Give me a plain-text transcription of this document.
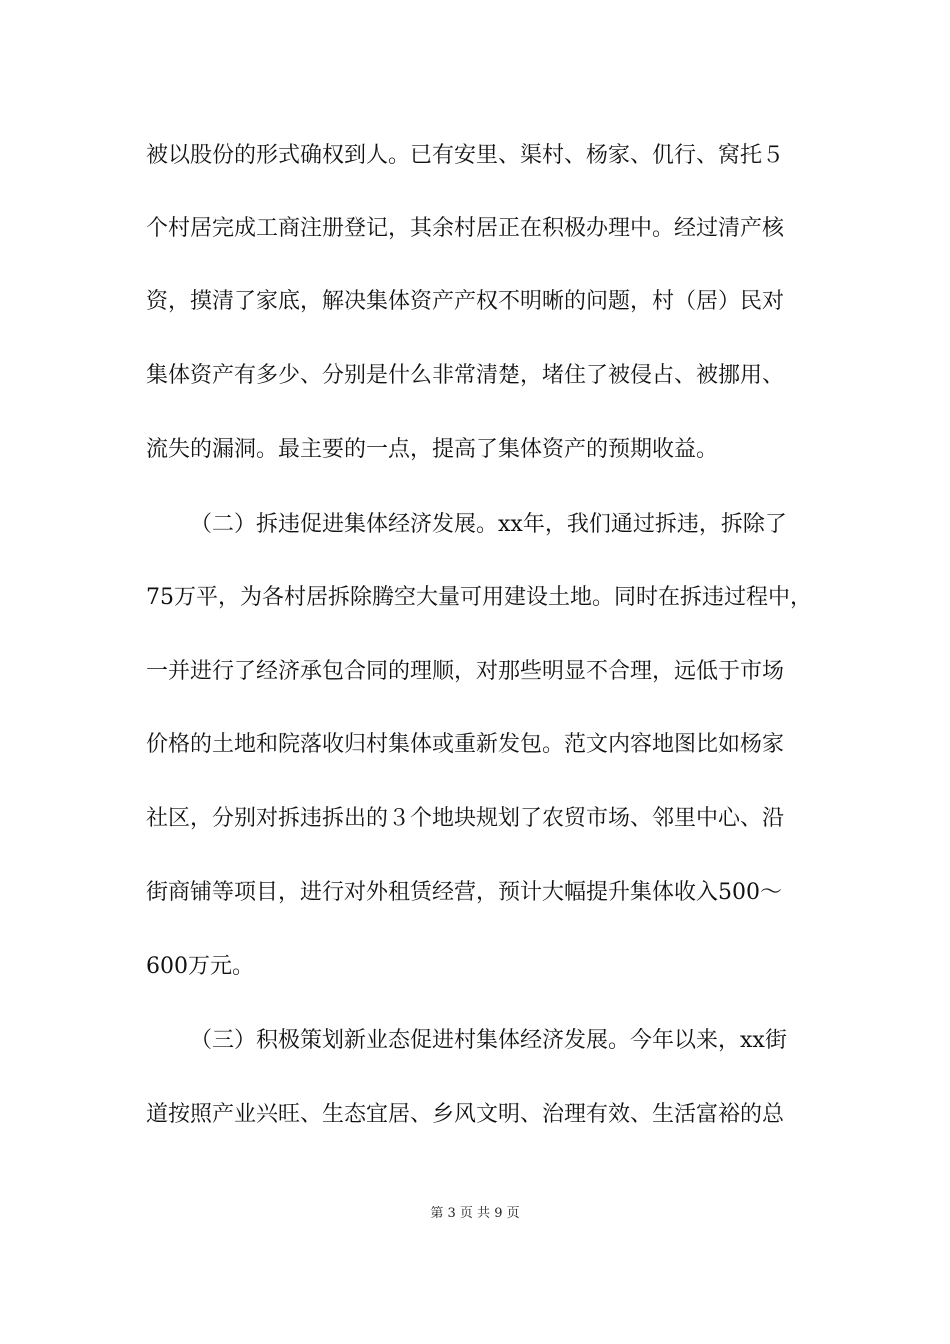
被以股份的形式确权到人。已有安里、渠村、杨家、仉行、窝托５
个村居完成工商注册登记，其余村居正在积极办理中。经过清产核
资，摸清了家底，解决集体资产产权不明晰的问题，村（居）民对
集体资产有多少、分别是什么非常清楚，堵住了被侵占、被挪用、
流失的漏洞。最主要的一点，提高了集体资产的预期收益。
（二）拆违促进集体经济发展。xx年，我们通过拆违，拆除了
75万平，为各村居拆除腾空大量可用建设土地。同时在拆违过程中，
一并进行了经济承包合同的理顺，对那些明显不合理，远低于市场
价格的土地和院落收归村集体或重新发包。范文内容地图比如杨家
社区，分别对拆违拆出的３个地块规划了农贸市场、邻里中心、沿
街商铺等项目，进行对外租赁经营，预计大幅提升集体收入500～
600万元。
（三）积极策划新业态促进村集体经济发展。今年以来，xx街
道按照产业兴旺、生态宜居、乡风文明、治理有效、生活富裕的总
第 3 页 共 9 页
